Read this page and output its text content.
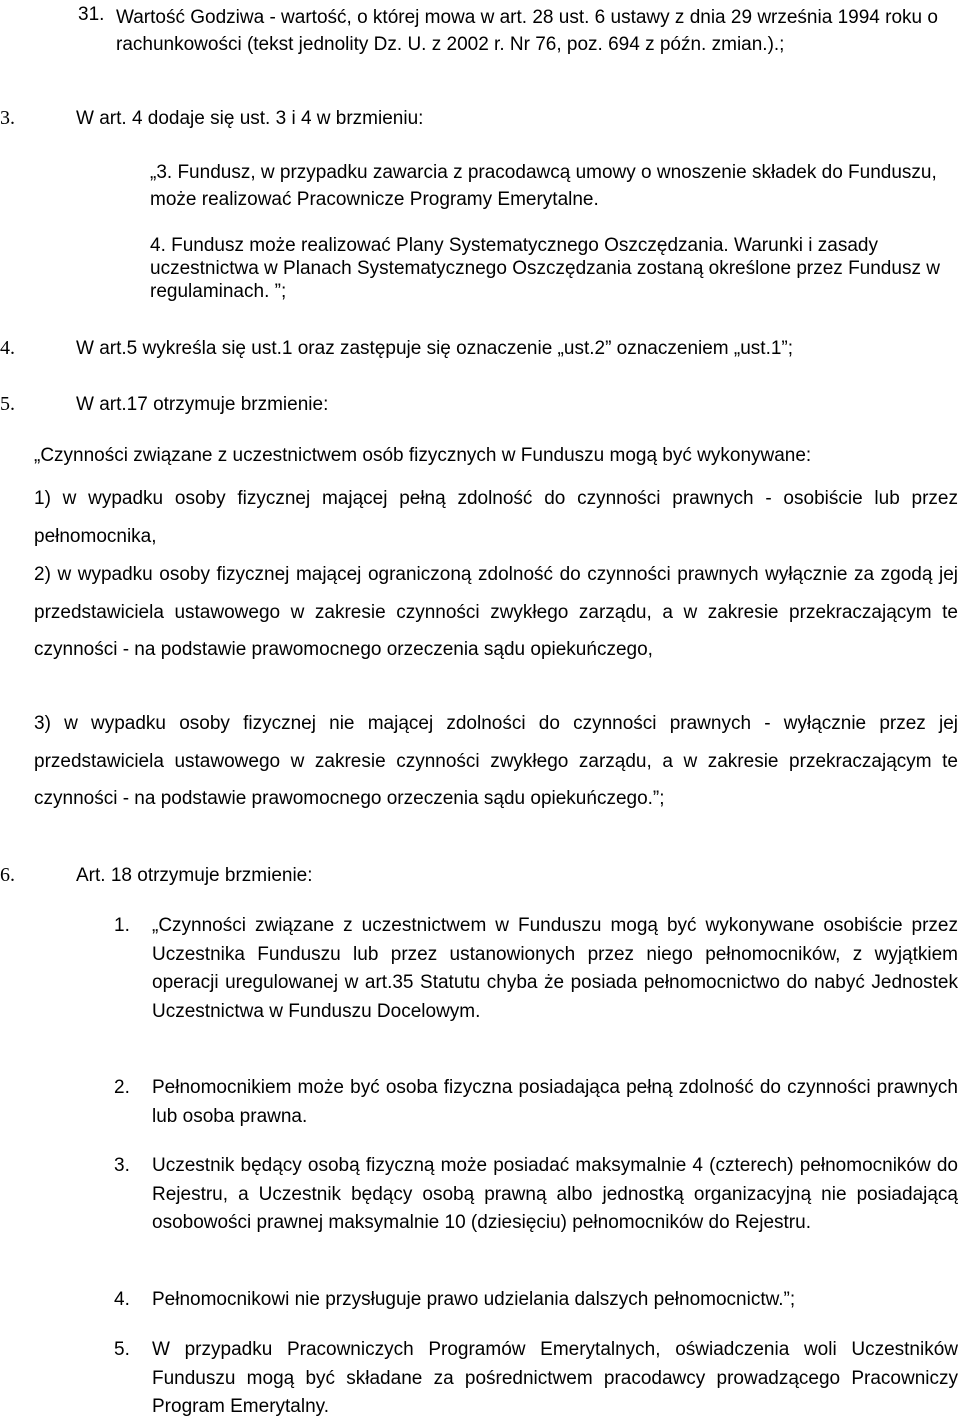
31. Wartość Godziwa - wartość, o której mowa w art. 28 ust. 6 ustawy z dnia 29 września 1994 roku o rachunkowości (tekst jednolity Dz. U. z 2002 r. Nr 76, poz. 694 z późn. zmian.).;
3.	W art. 4 dodaje się ust. 3 i 4 w brzmieniu:
„3. Fundusz, w przypadku zawarcia z pracodawcą umowy o wnoszenie składek do Funduszu, może realizować Pracownicze Programy Emerytalne.
4. Fundusz może realizować Plany Systematycznego Oszczędzania. Warunki i zasady uczestnictwa w Planach Systematycznego Oszczędzania zostaną określone przez Fundusz w regulaminach. ”;
4.	W art.5 wykreśla się ust.1 oraz zastępuje się oznaczenie „ust.2” oznaczeniem „ust.1”;
5.	W art.17 otrzymuje brzmienie:
„Czynności związane z uczestnictwem osób fizycznych w Funduszu mogą być wykonywane:
1) w wypadku osoby fizycznej mającej pełną zdolność do czynności prawnych - osobiście lub przez pełnomocnika,
2) w wypadku osoby fizycznej mającej ograniczoną zdolność do czynności prawnych wyłącznie za zgodą jej przedstawiciela ustawowego w zakresie czynności zwykłego zarządu, a w zakresie przekraczającym te czynności - na podstawie prawomocnego orzeczenia sądu opiekuńczego,
3) w wypadku osoby fizycznej nie mającej zdolności do czynności prawnych - wyłącznie przez jej przedstawiciela ustawowego w zakresie czynności zwykłego zarządu, a w zakresie przekraczającym te czynności - na podstawie prawomocnego orzeczenia sądu opiekuńczego.”;
6.	Art. 18 otrzymuje brzmienie:
1. „Czynności związane z uczestnictwem w Funduszu mogą być wykonywane osobiście przez Uczestnika Funduszu lub przez ustanowionych przez niego pełnomocników, z wyjątkiem operacji uregulowanej w art.35 Statutu chyba że posiada pełnomocnictwo do nabyć Jednostek Uczestnictwa w Funduszu Docelowym.
2. Pełnomocnikiem może być osoba fizyczna posiadająca pełną zdolność do czynności prawnych lub osoba prawna.
3. Uczestnik będący osobą fizyczną może posiadać maksymalnie 4 (czterech) pełnomocników do Rejestru, a Uczestnik będący osobą prawną albo jednostką organizacyjną nie posiadającą osobowości prawnej maksymalnie 10 (dziesięciu) pełnomocników do Rejestru.
4. Pełnomocnikowi nie przysługuje prawo udzielania dalszych pełnomocnictw.”;
5. W przypadku Pracowniczych Programów Emerytalnych, oświadczenia woli Uczestników Funduszu mogą być składane za pośrednictwem pracodawcy prowadzącego Pracowniczy Program Emerytalny.
